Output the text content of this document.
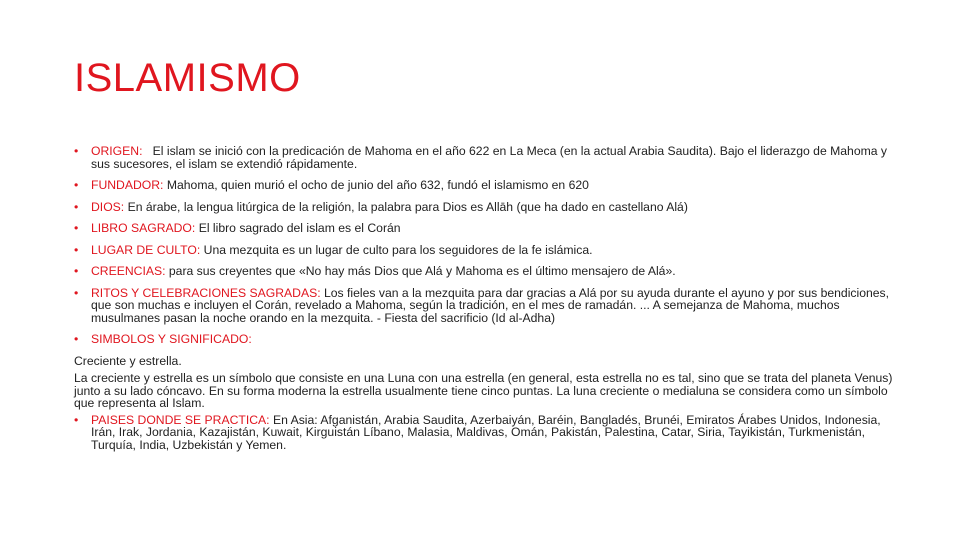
ISLAMISMO
• ORIGEN: El islam se inició con la predicación de Mahoma en el año 622 en La Meca (en la actual Arabia Saudita). Bajo el liderazgo de Mahoma y sus sucesores, el islam se extendió rápidamente.
• FUNDADOR: Mahoma, quien murió el ocho de junio del año 632, fundó el islamismo en 620
• DIOS: En árabe, la lengua litúrgica de la religión, la palabra para Dios es Allāh (que ha dado en castellano Alá)
• LIBRO SAGRADO: El libro sagrado del islam es el Corán
• LUGAR DE CULTO: Una mezquita es un lugar de culto para los seguidores de la fe islámica.
• CREENCIAS: para sus creyentes que «No hay más Dios que Alá y Mahoma es el último mensajero de Alá».
• RITOS Y CELEBRACIONES SAGRADAS: Los fieles van a la mezquita para dar gracias a Alá por su ayuda durante el ayuno y por sus bendiciones, que son muchas e incluyen el Corán, revelado a Mahoma, según la tradición, en el mes de ramadán. ... A semejanza de Mahoma, muchos musulmanes pasan la noche orando en la mezquita. - Fiesta del sacrificio (Id al-Adha)
• SIMBOLOS Y SIGNIFICADO:
Creciente y estrella.
La creciente y estrella es un símbolo que consiste en una Luna con una estrella (en general, esta estrella no es tal, sino que se trata del planeta Venus) junto a su lado cóncavo. En su forma moderna la estrella usualmente tiene cinco puntas. La luna creciente o medialuna se considera como un símbolo que representa al Islam.
• PAISES DONDE SE PRACTICA: En Asia: Afganistán, Arabia Saudita, Azerbaiyán, Baréin, Bangladés, Brunéi, Emiratos Árabes Unidos, Indonesia, Irán, Irak, Jordania, Kazajistán, Kuwait, Kirguistán Líbano, Malasia, Maldivas, Omán, Pakistán, Palestina, Catar, Siria, Tayikistán, Turkmenistán, Turquía, India, Uzbekistán y Yemen.
